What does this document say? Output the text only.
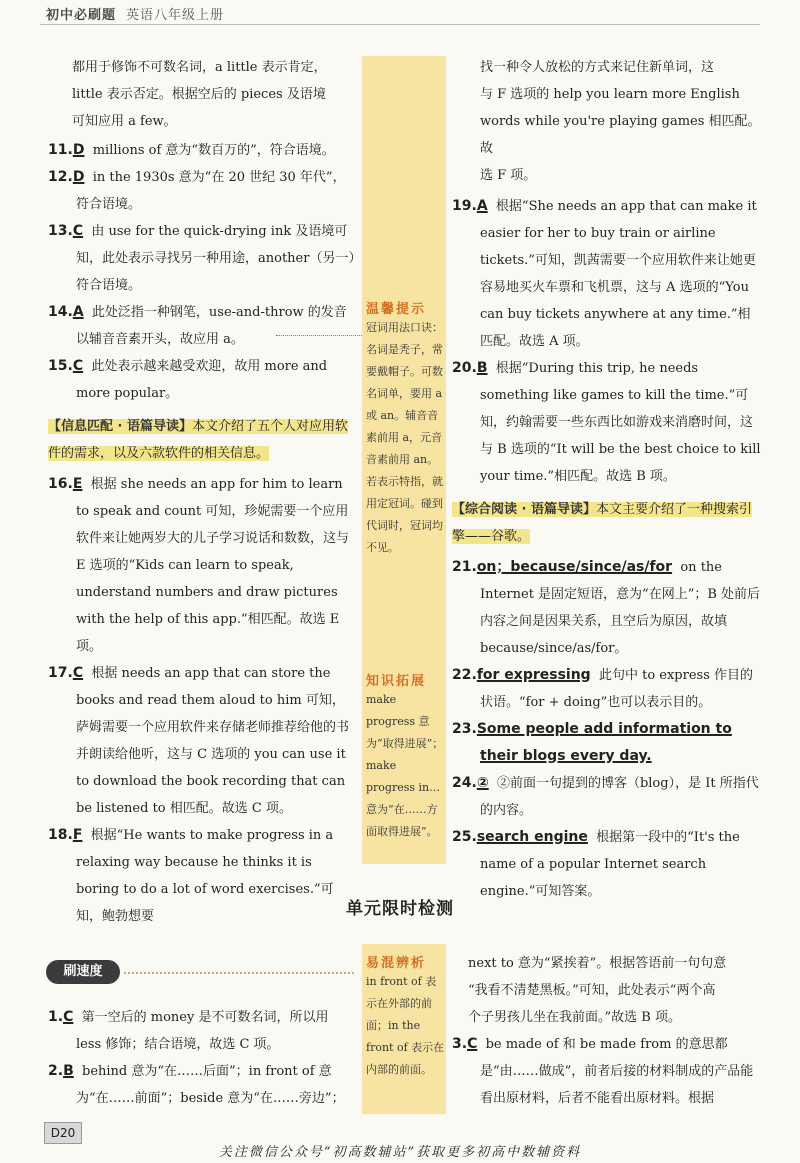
初中必刷题 英语八年级上册
温馨提示
冠词用法口诀：名词是秃子，常要戴帽子。可数名词单，要用 a 或 an。辅音音素前用 a，元音音素前用 an。若表示特指，就用定冠词。碰到代词时，冠词均不见。
知识拓展
make progress 意为“取得进展”；make progress in… 意为“在……方面取得进展”。

都用于修饰不可数名词，a little 表示肯定，

little 表示否定。根据空后的 pieces 及语境

可知应用 a few。

11.D millions of 意为“数百万的”，符合语境。

12.D in the 1930s 意为“在 20 世纪 30 年代”，符合语境。

13.C 由 use for the quick-drying ink 及语境可知，此处表示寻找另一种用途，another（另一）符合语境。

14.A 此处泛指一种钢笔，use-and-throw 的发音以辅音音素开头，故应用 a。

15.C 此处表示越来越受欢迎，故用 more and more popular。

【信息匹配 · 语篇导读】本文介绍了五个人对应用软件的需求，以及六款软件的相关信息。

16.E 根据 she needs an app for him to learn to speak and count 可知，珍妮需要一个应用软件来让她两岁大的儿子学习说话和数数，这与 E 选项的“Kids can learn to speak, understand numbers and draw pictures with the help of this app.”相匹配。故选 E 项。

17.C 根据 needs an app that can store the books and read them aloud to him 可知，萨姆需要一个应用软件来存储老师推荐给他的书并朗读给他听，这与 C 选项的 you can use it to download the book recording that can be listened to 相匹配。故选 C 项。

18.F 根据“He wants to make progress in a relaxing way because he thinks it is boring to do a lot of word exercises.”可知，鲍勃想要

找一种令人放松的方式来记住新单词，这

与 F 选项的 help you learn more English

words while you're playing games 相匹配。故

选 F 项。

19.A 根据“She needs an app that can make it easier for her to buy train or airline tickets.”可知，凯茜需要一个应用软件来让她更容易地买火车票和飞机票，这与 A 选项的“You can buy tickets anywhere at any time.”相匹配。故选 A 项。

20.B 根据“During this trip, he needs something like games to kill the time.”可知，约翰需要一些东西比如游戏来消磨时间，这与 B 选项的“It will be the best choice to kill your time.”相匹配。故选 B 项。

【综合阅读 · 语篇导读】本文主要介绍了一种搜索引擎——谷歌。

21.on；because/since/as/for on the Internet 是固定短语，意为“在网上”；B 处前后内容之间是因果关系，且空后为原因，故填 because/since/as/for。

22.for expressing 此句中 to express 作目的状语。“for + doing”也可以表示目的。

23.Some people add information to their blogs every day.

24.② ②前面一句提到的博客（blog），是 It 所指代的内容。

25.search engine 根据第一段中的“It's the name of a popular Internet search engine.”可知答案。

单元限时检测
刷速度
易混辨析
in front of 表示在外部的前面；in the front of 表示在内部的前面。

1.C 第一空后的 money 是不可数名词，所以用 less 修饰；结合语境，故选 C 项。

2.B behind 意为“在……后面”；in front of 意为“在……前面”；beside 意为“在……旁边”；

next to 意为“紧挨着”。根据答语前一句句意

“我看不清楚黑板。”可知，此处表示“两个高

个子男孩儿坐在我前面。”故选 B 项。

3.C be made of 和 be made from 的意思都是“由……做成”，前者后接的材料制成的产品能看出原材料，后者不能看出原材料。根据

D20
关注微信公众号“初高数辅站”获取更多初高中数辅资料
